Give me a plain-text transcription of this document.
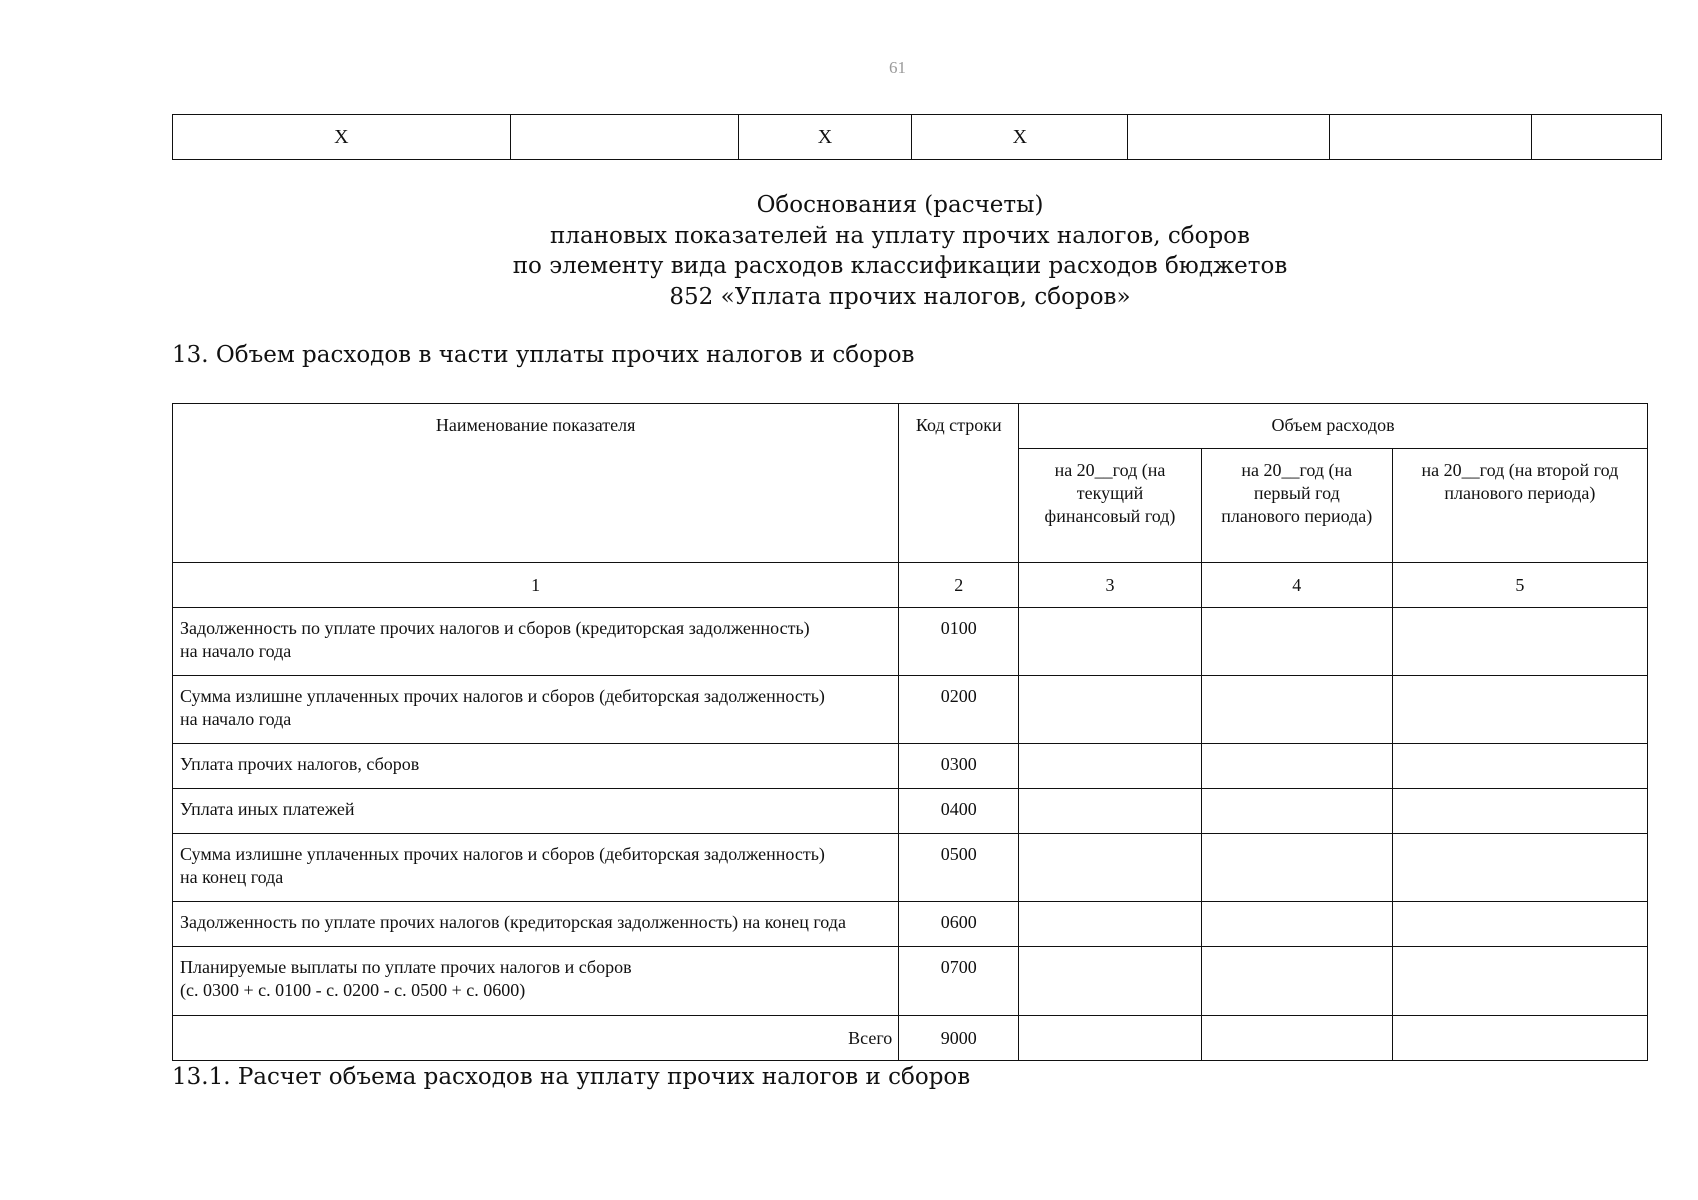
61
Х		Х	Х			
Обоснования (расчеты)
плановых показателей на уплату прочих налогов, сборов
по элементу вида расходов классификации расходов бюджетов
852 «Уплата прочих налогов, сборов»
13. Объем расходов в части уплаты прочих налогов и сборов
Наименование показателя	Код строки	Объем расходов		
		на 20__год (на текущий финансовый год)	на 20__год (на первый год планового периода)	на 20__год (на второй год планового периода)
1	2	3	4	5

Задолженность по уплате прочих налогов и сборов (кредиторская задолженность)
на начало года	0100			

Сумма излишне уплаченных прочих налогов и сборов (дебиторская задолженность)
на начало года	0200			

Уплата прочих налогов, сборов	0300			

Уплата иных платежей	0400			

Сумма излишне уплаченных прочих налогов и сборов (дебиторская задолженность)
на конец года	0500			

Задолженность по уплате прочих налогов (кредиторская задолженность) на конец года	0600			

Планируемые выплаты по уплате прочих налогов и сборов
(с. 0300 + с. 0100 - с. 0200 - с. 0500 + с. 0600)	0700			
Всего	9000			
13.1. Расчет объема расходов на уплату прочих налогов и сборов
